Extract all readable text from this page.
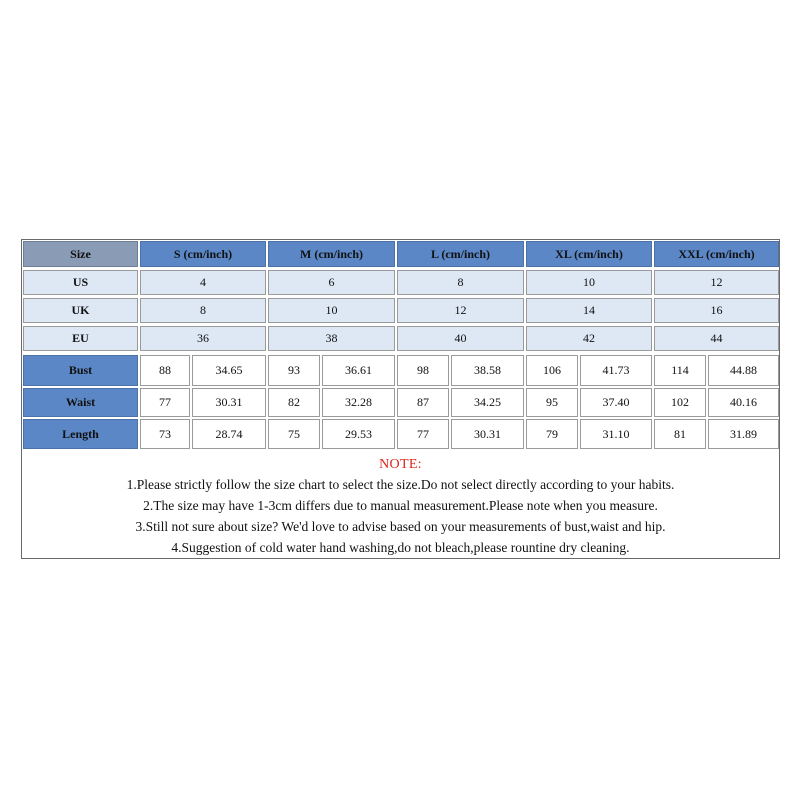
Size	S (cm/inch)	M (cm/inch)	L (cm/inch)	XL (cm/inch)	XXL (cm/inch)
US	4	6	8	10	12
UK	8	10	12	14	16
EU	36	38	40	42	44
Bust	88	34.65	93	36.61	98	38.58	106	41.73	114	44.88
Waist	77	30.31	82	32.28	87	34.25	95	37.40	102	40.16
Length	73	28.74	75	29.53	77	30.31	79	31.10	81	31.89
NOTE:
1.Please strictly follow the size chart to select the size.Do not select directly according to your habits.
2.The size may have 1-3cm differs due to manual measurement.Please note when you measure.
3.Still not sure about size? We'd love to advise based on your measurements of bust,waist and hip.
4.Suggestion of cold water hand washing,do not bleach,please rountine dry cleaning.
